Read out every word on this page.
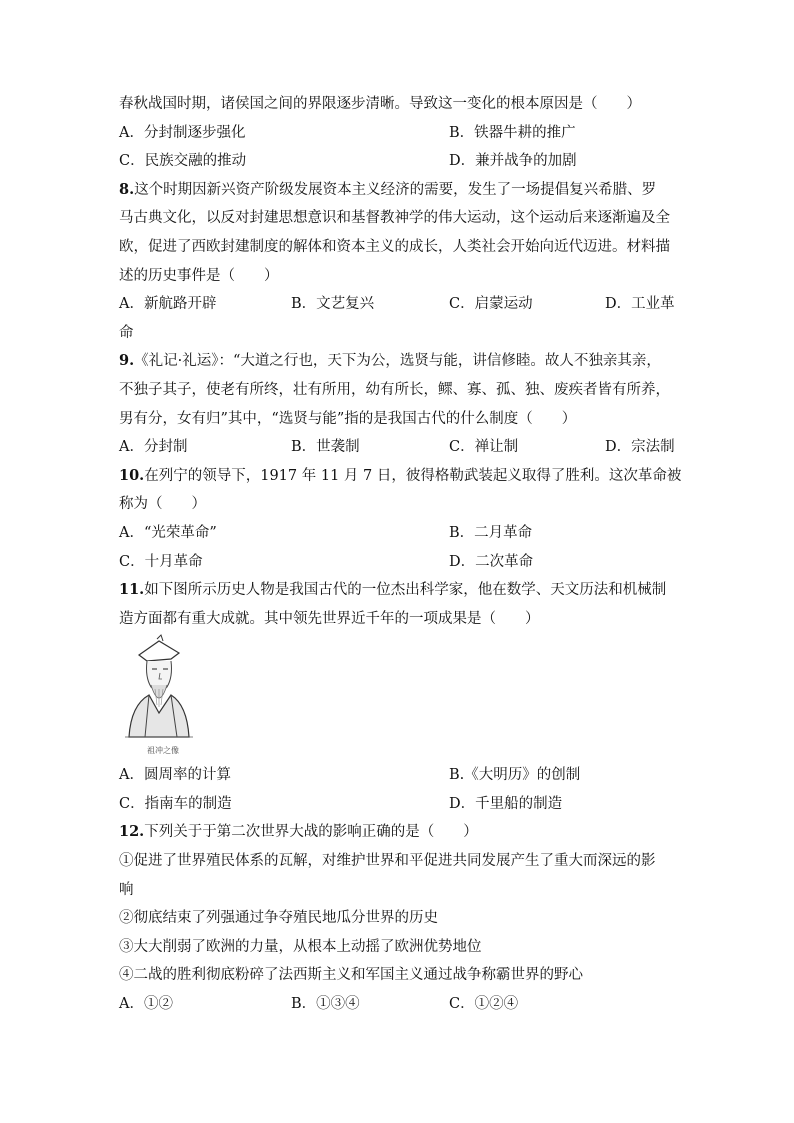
春秋战国时期，诸侯国之间的界限逐步清晰。导致这一变化的根本原因是（　　）
A．分封制逐步强化	B．铁器牛耕的推广
C．民族交融的推动	D．兼并战争的加剧
8.这个时期因新兴资产阶级发展资本主义经济的需要，发生了一场提倡复兴希腊、罗
马古典文化，以反对封建思想意识和基督教神学的伟大运动，这个运动后来逐渐遍及全
欧，促进了西欧封建制度的解体和资本主义的成长，人类社会开始向近代迈进。材料描
述的历史事件是（　　）
A．新航路开辟	B．文艺复兴	C．启蒙运动	D．工业革
命
9.《礼记·礼运》：“大道之行也，天下为公，选贤与能，讲信修睦。故人不独亲其亲，
不独子其子，使老有所终，壮有所用，幼有所长，鳏、寡、孤、独、废疾者皆有所养，
男有分，女有归”其中，“选贤与能”指的是我国古代的什么制度（　　）
A．分封制	B．世袭制	C．禅让制	D．宗法制
10.在列宁的领导下，1917 年 11 月 7 日，彼得格勒武装起义取得了胜利。这次革命被
称为（　　）
A．“光荣革命”	B．二月革命
C．十月革命	D．二次革命
11.如下图所示历史人物是我国古代的一位杰出科学家，他在数学、天文历法和机械制
造方面都有重大成就。其中领先世界近千年的一项成果是（　　）
祖冲之像
A．圆周率的计算	B.《大明历》的创制
C．指南车的制造	D．千里船的制造
12.下列关于于第二次世界大战的影响正确的是（　　）
①促进了世界殖民体系的瓦解，对维护世界和平促进共同发展产生了重大而深远的影
响
②彻底结束了列强通过争夺殖民地瓜分世界的历史
③大大削弱了欧洲的力量，从根本上动摇了欧洲优势地位
④二战的胜利彻底粉碎了法西斯主义和军国主义通过战争称霸世界的野心
A．①②	B．①③④	C．①②④
